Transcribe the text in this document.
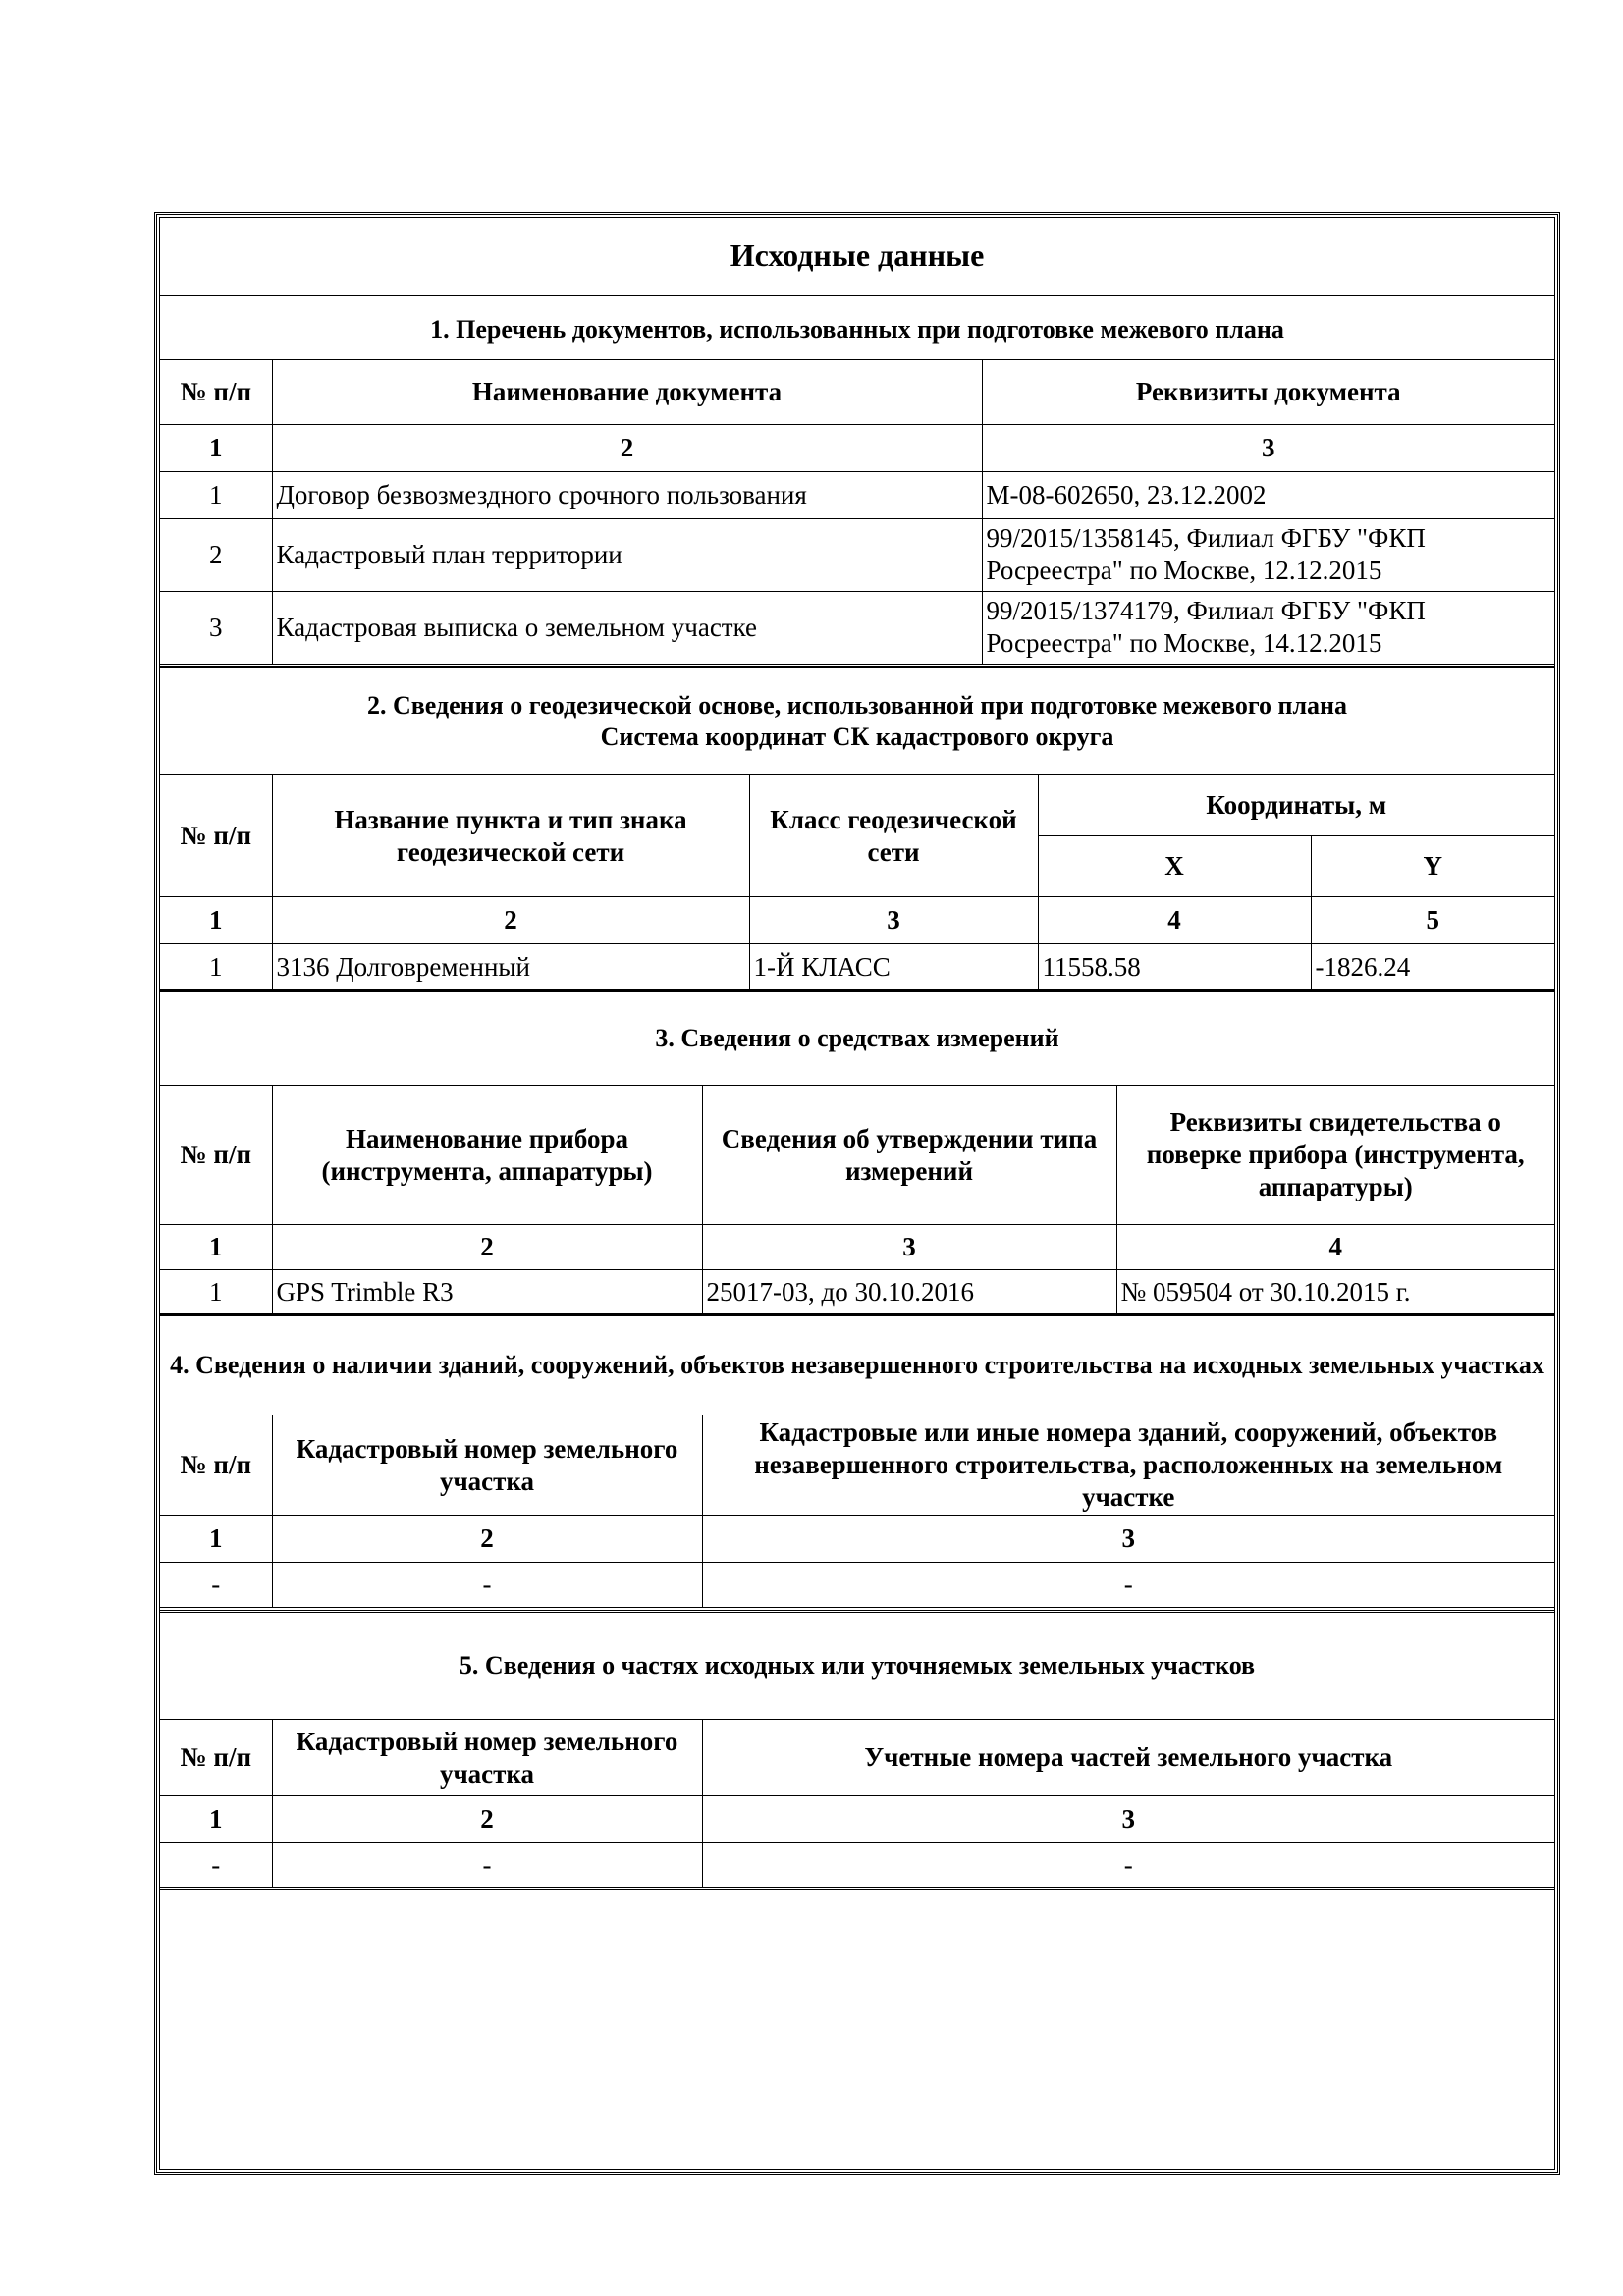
Исходные данные
1. Перечень документов, использованных при подготовке межевого плана		
№ п/п	Наименование документа	Реквизиты документа
1	2	3
1	Договор безвозмездного срочного пользования	М-08-602650, 23.12.2002
2	Кадастровый план территории	99/2015/1358145, Филиал ФГБУ "ФКП Росреестра" по Москве, 12.12.2015
3	Кадастровая выписка о земельном участке	99/2015/1374179, Филиал ФГБУ "ФКП Росреестра" по Москве, 14.12.2015
2. Сведения о геодезической основе, использованной при подготовке межевого плана
Система координат СК кадастрового округа				

№ п/п	Название пункта и тип знака геодезической сети	Класс геодезической сети	Координаты, м	
			X	Y
1	2	3	4	5
1	3136 Долговременный	1-Й КЛАСС	11558.58	-1826.24
3. Сведения о средствах измерений			
№ п/п	Наименование прибора (инструмента, аппаратуры)	Сведения об утверждении типа измерений	Реквизиты свидетельства о поверке прибора (инструмента, аппаратуры)
1	2	3	4
1	GPS Trimble R3	25017-03, до 30.10.2016	№ 059504 от 30.10.2015 г.
4. Сведения о наличии зданий, сооружений, объектов незавершенного строительства на исходных земельных участках		
№ п/п	Кадастровый номер земельного участка	Кадастровые или иные номера зданий, сооружений, объектов незавершенного строительства, расположенных на земельном участке
1	2	3
-	-	-
5. Сведения о частях исходных или уточняемых земельных участков		
№ п/п	Кадастровый номер земельного участка	Учетные номера частей земельного участка
1	2	3
-	-	-
